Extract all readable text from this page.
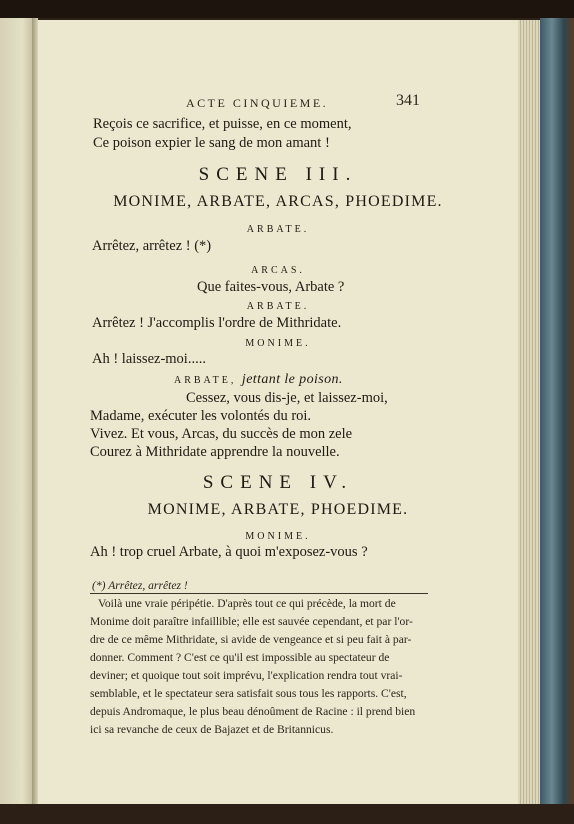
ACTE CINQUIEME.	341
Reçois ce sacrifice, et puisse, en ce moment,
Ce poison expier le sang de mon amant !
SCENE III.
MONIME, ARBATE, ARCAS, PHOEDIME.
ARBATE.
Arrêtez, arrêtez ! (*)
ARCAS.
Que faites-vous, Arbate ?
ARBATE.
Arrêtez ! J'accomplis l'ordre de Mithridate.
MONIME.
Ah ! laissez-moi.....
ARBATE, jettant le poison.
Cessez, vous dis-je, et laissez-moi,
Madame, exécuter les volontés du roi.
Vivez. Et vous, Arcas, du succès de mon zele
Courez à Mithridate apprendre la nouvelle.
SCENE IV.
MONIME, ARBATE, PHOEDIME.
MONIME.
Ah ! trop cruel Arbate, à quoi m'exposez-vous ?
(*) Arrêtez, arrêtez !
Voilà une vraie péripétie. D'après tout ce qui précède, la mort de
Monime doit paraître infaillible; elle est sauvée cependant, et par l'or-
dre de ce même Mithridate, si avide de vengeance et si peu fait à par-
donner. Comment ? C'est ce qu'il est impossible au spectateur de
deviner; et quoique tout soit imprévu, l'explication rendra tout vrai-
semblable, et le spectateur sera satisfait sous tous les rapports. C'est,
depuis Andromaque, le plus beau dénoûment de Racine : il prend bien
ici sa revanche de ceux de Bajazet et de Britannicus.
